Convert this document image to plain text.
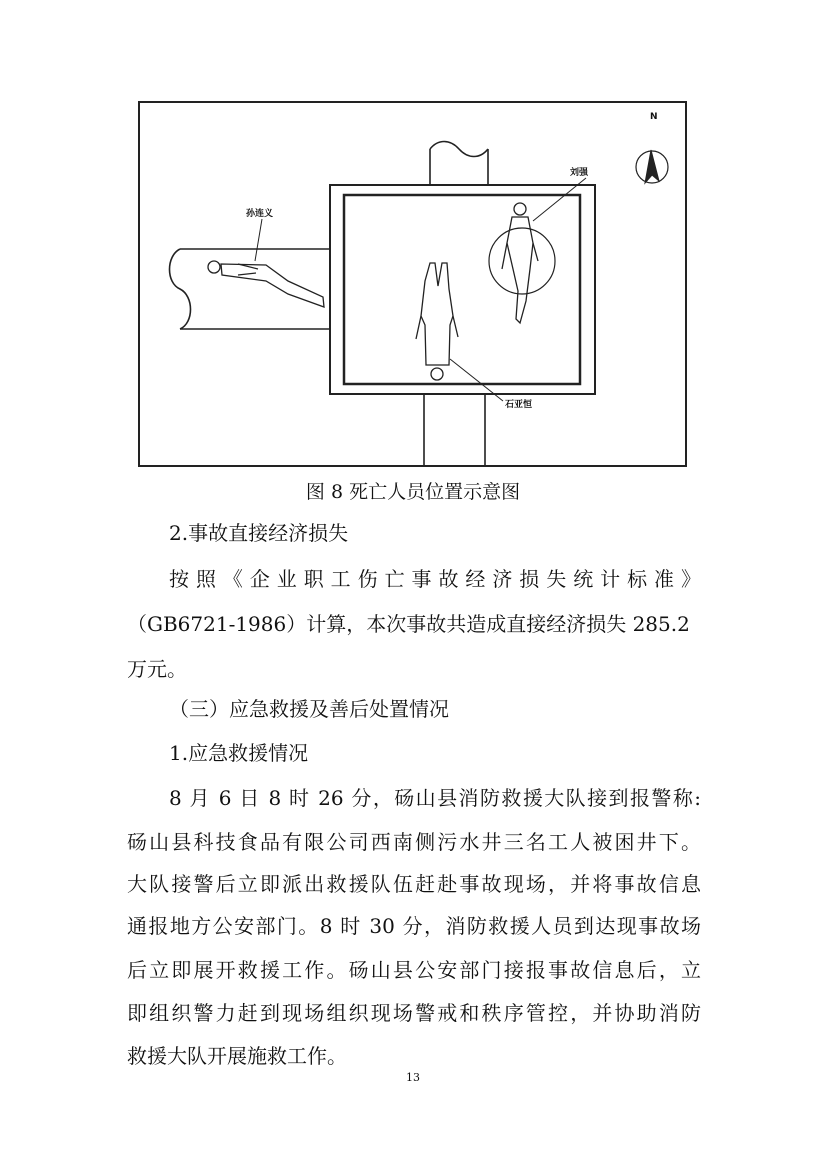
N
孙连义
石亚恒
刘强
图 8 死亡人员位置示意图
2.事故直接经济损失
按 照 《 企 业 职 工 伤 亡 事 故 经 济 损 失 统 计 标 准 》
（GB6721-1986）计算，本次事故共造成直接经济损失 285.2
万元。
（三）应急救援及善后处置情况
1.应急救援情况
8 月 6 日 8 时 26 分，砀山县消防救援大队接到报警称:
砀山县科技食品有限公司西南侧污水井三名工人被困井下。
大队接警后立即派出救援队伍赶赴事故现场，并将事故信息
通报地方公安部门。8 时 30 分，消防救援人员到达现事故场
后立即展开救援工作。砀山县公安部门接报事故信息后，立
即组织警力赶到现场组织现场警戒和秩序管控，并协助消防
救援大队开展施救工作。
13
